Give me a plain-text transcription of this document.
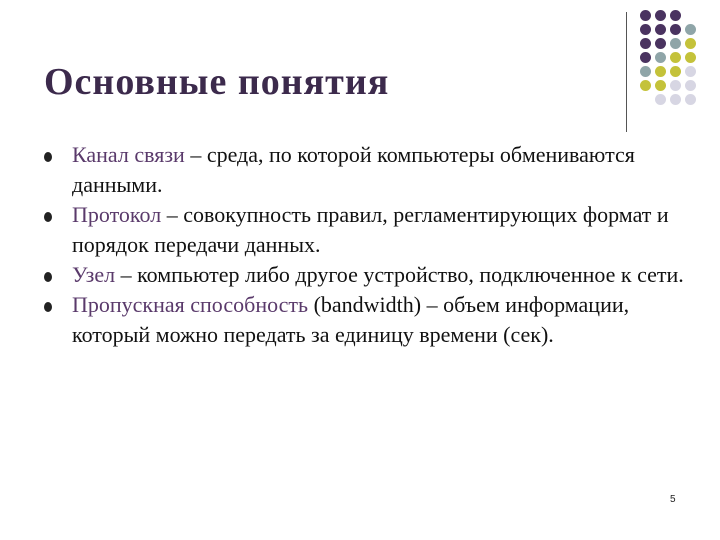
Основные понятия
Канал связи – среда, по которой компьютеры обмениваются данными.
Протокол – совокупность правил, регламентирующих формат и порядок передачи данных.
Узел – компьютер либо другое устройство, подключенное к сети.
Пропускная способность (bandwidth) – объем информации, который можно передать за единицу времени (сек).
5
